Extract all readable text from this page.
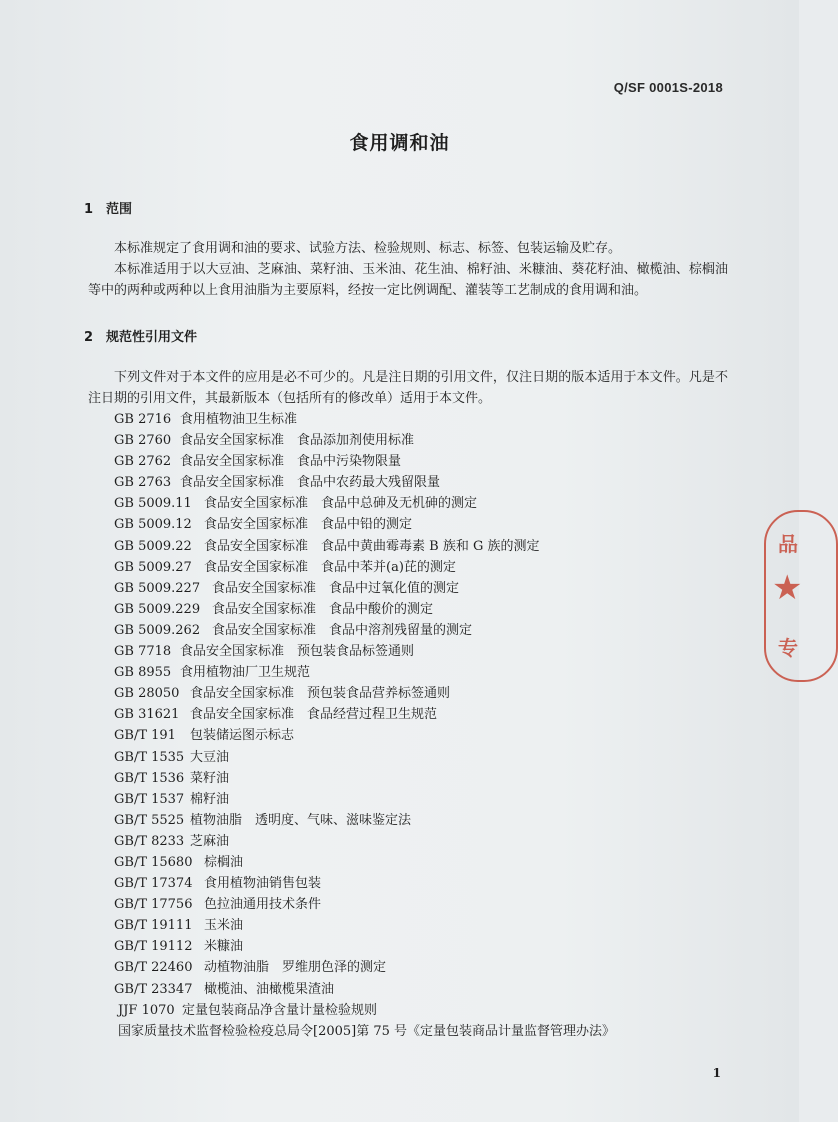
Q/SF 0001S-2018
食用调和油
1 范围
本标准规定了食用调和油的要求、试验方法、检验规则、标志、标签、包装运输及贮存。
本标准适用于以大豆油、芝麻油、菜籽油、玉米油、花生油、棉籽油、米糠油、葵花籽油、橄榄油、棕榈油等中的两种或两种以上食用油脂为主要原料，经按一定比例调配、灌装等工艺制成的食用调和油。
2 规范性引用文件
下列文件对于本文件的应用是必不可少的。凡是注日期的引用文件，仅注日期的版本适用于本文件。凡是不注日期的引用文件，其最新版本（包括所有的修改单）适用于本文件。
GB 2716 食用植物油卫生标准
GB 2760 食品安全国家标准　食品添加剂使用标准
GB 2762 食品安全国家标准　食品中污染物限量
GB 2763 食品安全国家标准　食品中农药最大残留限量
GB 5009.11 食品安全国家标准　食品中总砷及无机砷的测定
GB 5009.12 食品安全国家标准　食品中铅的测定
GB 5009.22 食品安全国家标准　食品中黄曲霉毒素 B 族和 G 族的测定
GB 5009.27 食品安全国家标准　食品中苯并(a)芘的测定
GB 5009.227 食品安全国家标准　食品中过氧化值的测定
GB 5009.229 食品安全国家标准　食品中酸价的测定
GB 5009.262 食品安全国家标准　食品中溶剂残留量的测定
GB 7718 食品安全国家标准　预包装食品标签通则
GB 8955 食用植物油厂卫生规范
GB 28050 食品安全国家标准　预包装食品营养标签通则
GB 31621 食品安全国家标准　食品经营过程卫生规范
GB/T 191 包装储运图示标志
GB/T 1535 大豆油
GB/T 1536 菜籽油
GB/T 1537 棉籽油
GB/T 5525 植物油脂　透明度、气味、滋味鉴定法
GB/T 8233 芝麻油
GB/T 15680 棕榈油
GB/T 17374 食用植物油销售包装
GB/T 17756 色拉油通用技术条件
GB/T 19111 玉米油
GB/T 19112 米糠油
GB/T 22460 动植物油脂　罗维朋色泽的测定
GB/T 23347 橄榄油、油橄榄果渣油
JJF 1070 定量包装商品净含量计量检验规则
国家质量技术监督检验检疫总局令[2005]第 75 号《定量包装商品计量监督管理办法》
1
品
专
★
